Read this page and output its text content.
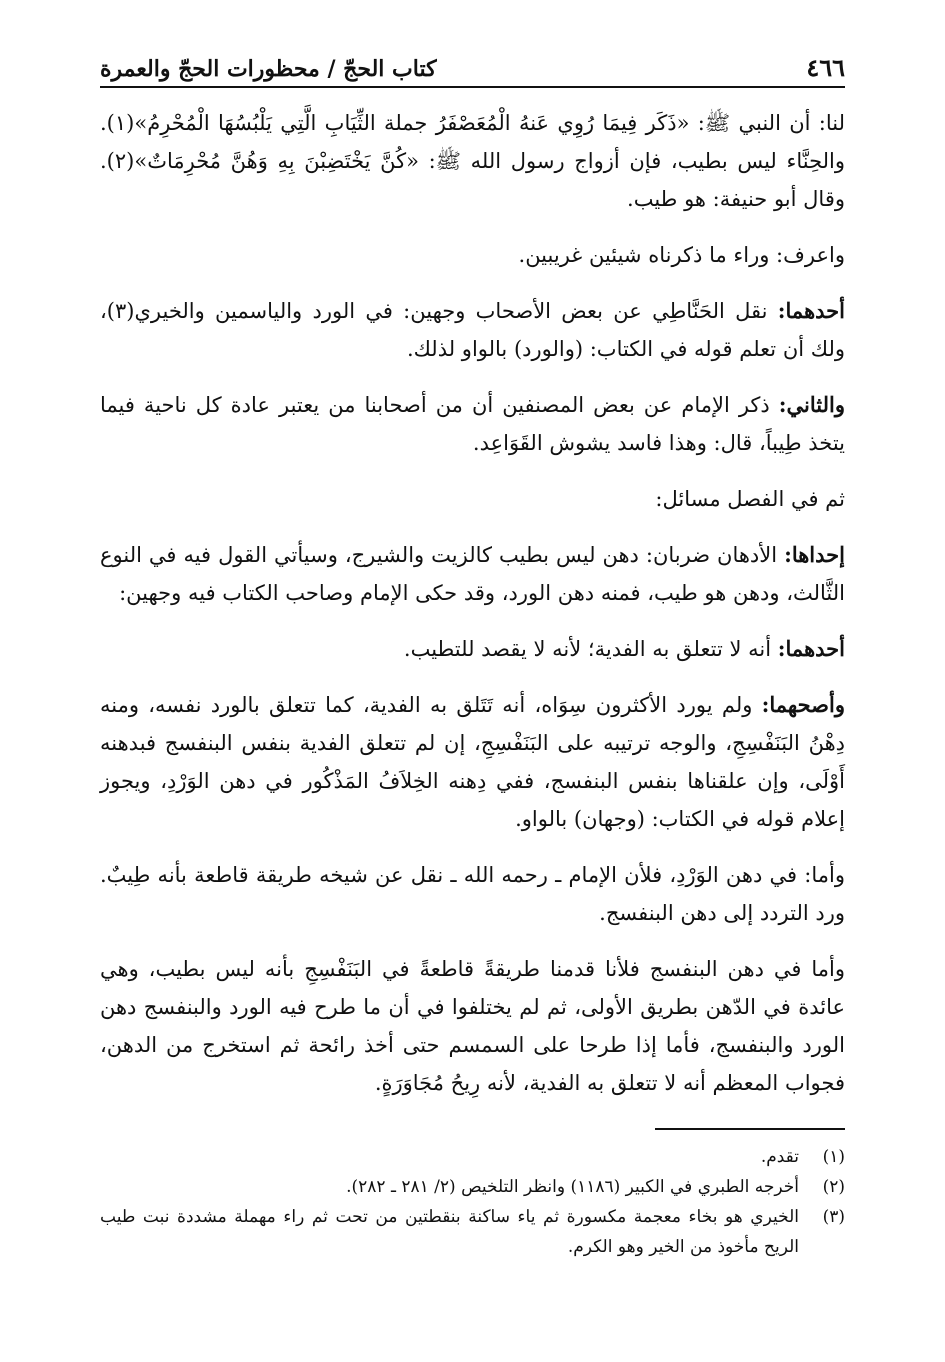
٤٦٦
كتاب الحجّ / محظورات الحجّ والعمرة

لنا: أن النبي ﷺ: «ذَكَر فِيمَا رُوِي عَنهُ الْمُعَصْفَرُ جملة الثِّيَابِ الَّتِي يَلْبُسُهَا الْمُحْرِمُ»(١). والحِنَّاء ليس بطيب، فإن أزواج رسول الله ﷺ: «كُنَّ يَخْتَضِبْنَ بِهِ وَهُنَّ مُحْرِمَاتٌ»(٢). وقال أبو حنيفة: هو طيب.

واعرف: وراء ما ذكرناه شيئين غريبين.

أحدهما: نقل الحَنَّاطِي عن بعض الأصحاب وجهين: في الورد والياسمين والخيري(٣)، ولك أن تعلم قوله في الكتاب: (والورد) بالواو لذلك.

والثاني: ذكر الإمام عن بعض المصنفين أن من أصحابنا من يعتبر عادة كل ناحية فيما يتخذ طِيباً، قال: وهذا فاسد يشوش القَوَاعِد.

ثم في الفصل مسائل:

إحداها: الأدهان ضربان: دهن ليس بطيب كالزيت والشيرج، وسيأتي القول فيه في النوع الثَّالث، ودهن هو طيب، فمنه دهن الورد، وقد حكى الإمام وصاحب الكتاب فيه وجهين:

أحدهما: أنه لا تتعلق به الفدية؛ لأنه لا يقصد للتطيب.

وأصحهما: ولم يورد الأكثرون سِوَاه، أنه تَتَلق به الفدية، كما تتعلق بالورد نفسه، ومنه دِهْنُ البَنَفْسِجِ، والوجه ترتيبه على البَنَفْسِجِ، إن لم تتعلق الفدية بنفس البنفسج فبدهنه أَوْلَى، وإن علقناها بنفس البنفسج، ففي دِهنه الخِلاَفُ المَذْكُور في دهن الوَرْدِ، ويجوز إعلام قوله في الكتاب: (وجهان) بالواو.

وأما: في دهن الوَرْدِ، فلأن الإمام ـ رحمه الله ـ نقل عن شيخه طريقة قاطعة بأنه طِيبٌ. ورد التردد إلى دهن البنفسج.

وأما في دهن البنفسج فلأنا قدمنا طريقةً قاطعةً في البَنَفْسِجِ بأنه ليس بطيب، وهي عائدة في الدّهن بطريق الأولى، ثم لم يختلفوا في أن ما طرح فيه الورد والبنفسج دهن الورد والبنفسج، فأما إذا طرحا على السمسم حتى أخذ رائحة ثم استخرج من الدهن، فجواب المعظم أنه لا تتعلق به الفدية، لأنه رِيحُ مُجَاوَرَةٍ.

(١)
تقدم.
(٢)
أخرجه الطبري في الكبير (١١٨٦) وانظر التلخيص (٢/ ٢٨١ ـ ٢٨٢).
(٣)
الخيري هو بخاء معجمة مكسورة ثم ياء ساكنة بنقطتين من تحت ثم راء مهملة مشددة نبت طيب الريح مأخوذ من الخير وهو الكرم.
